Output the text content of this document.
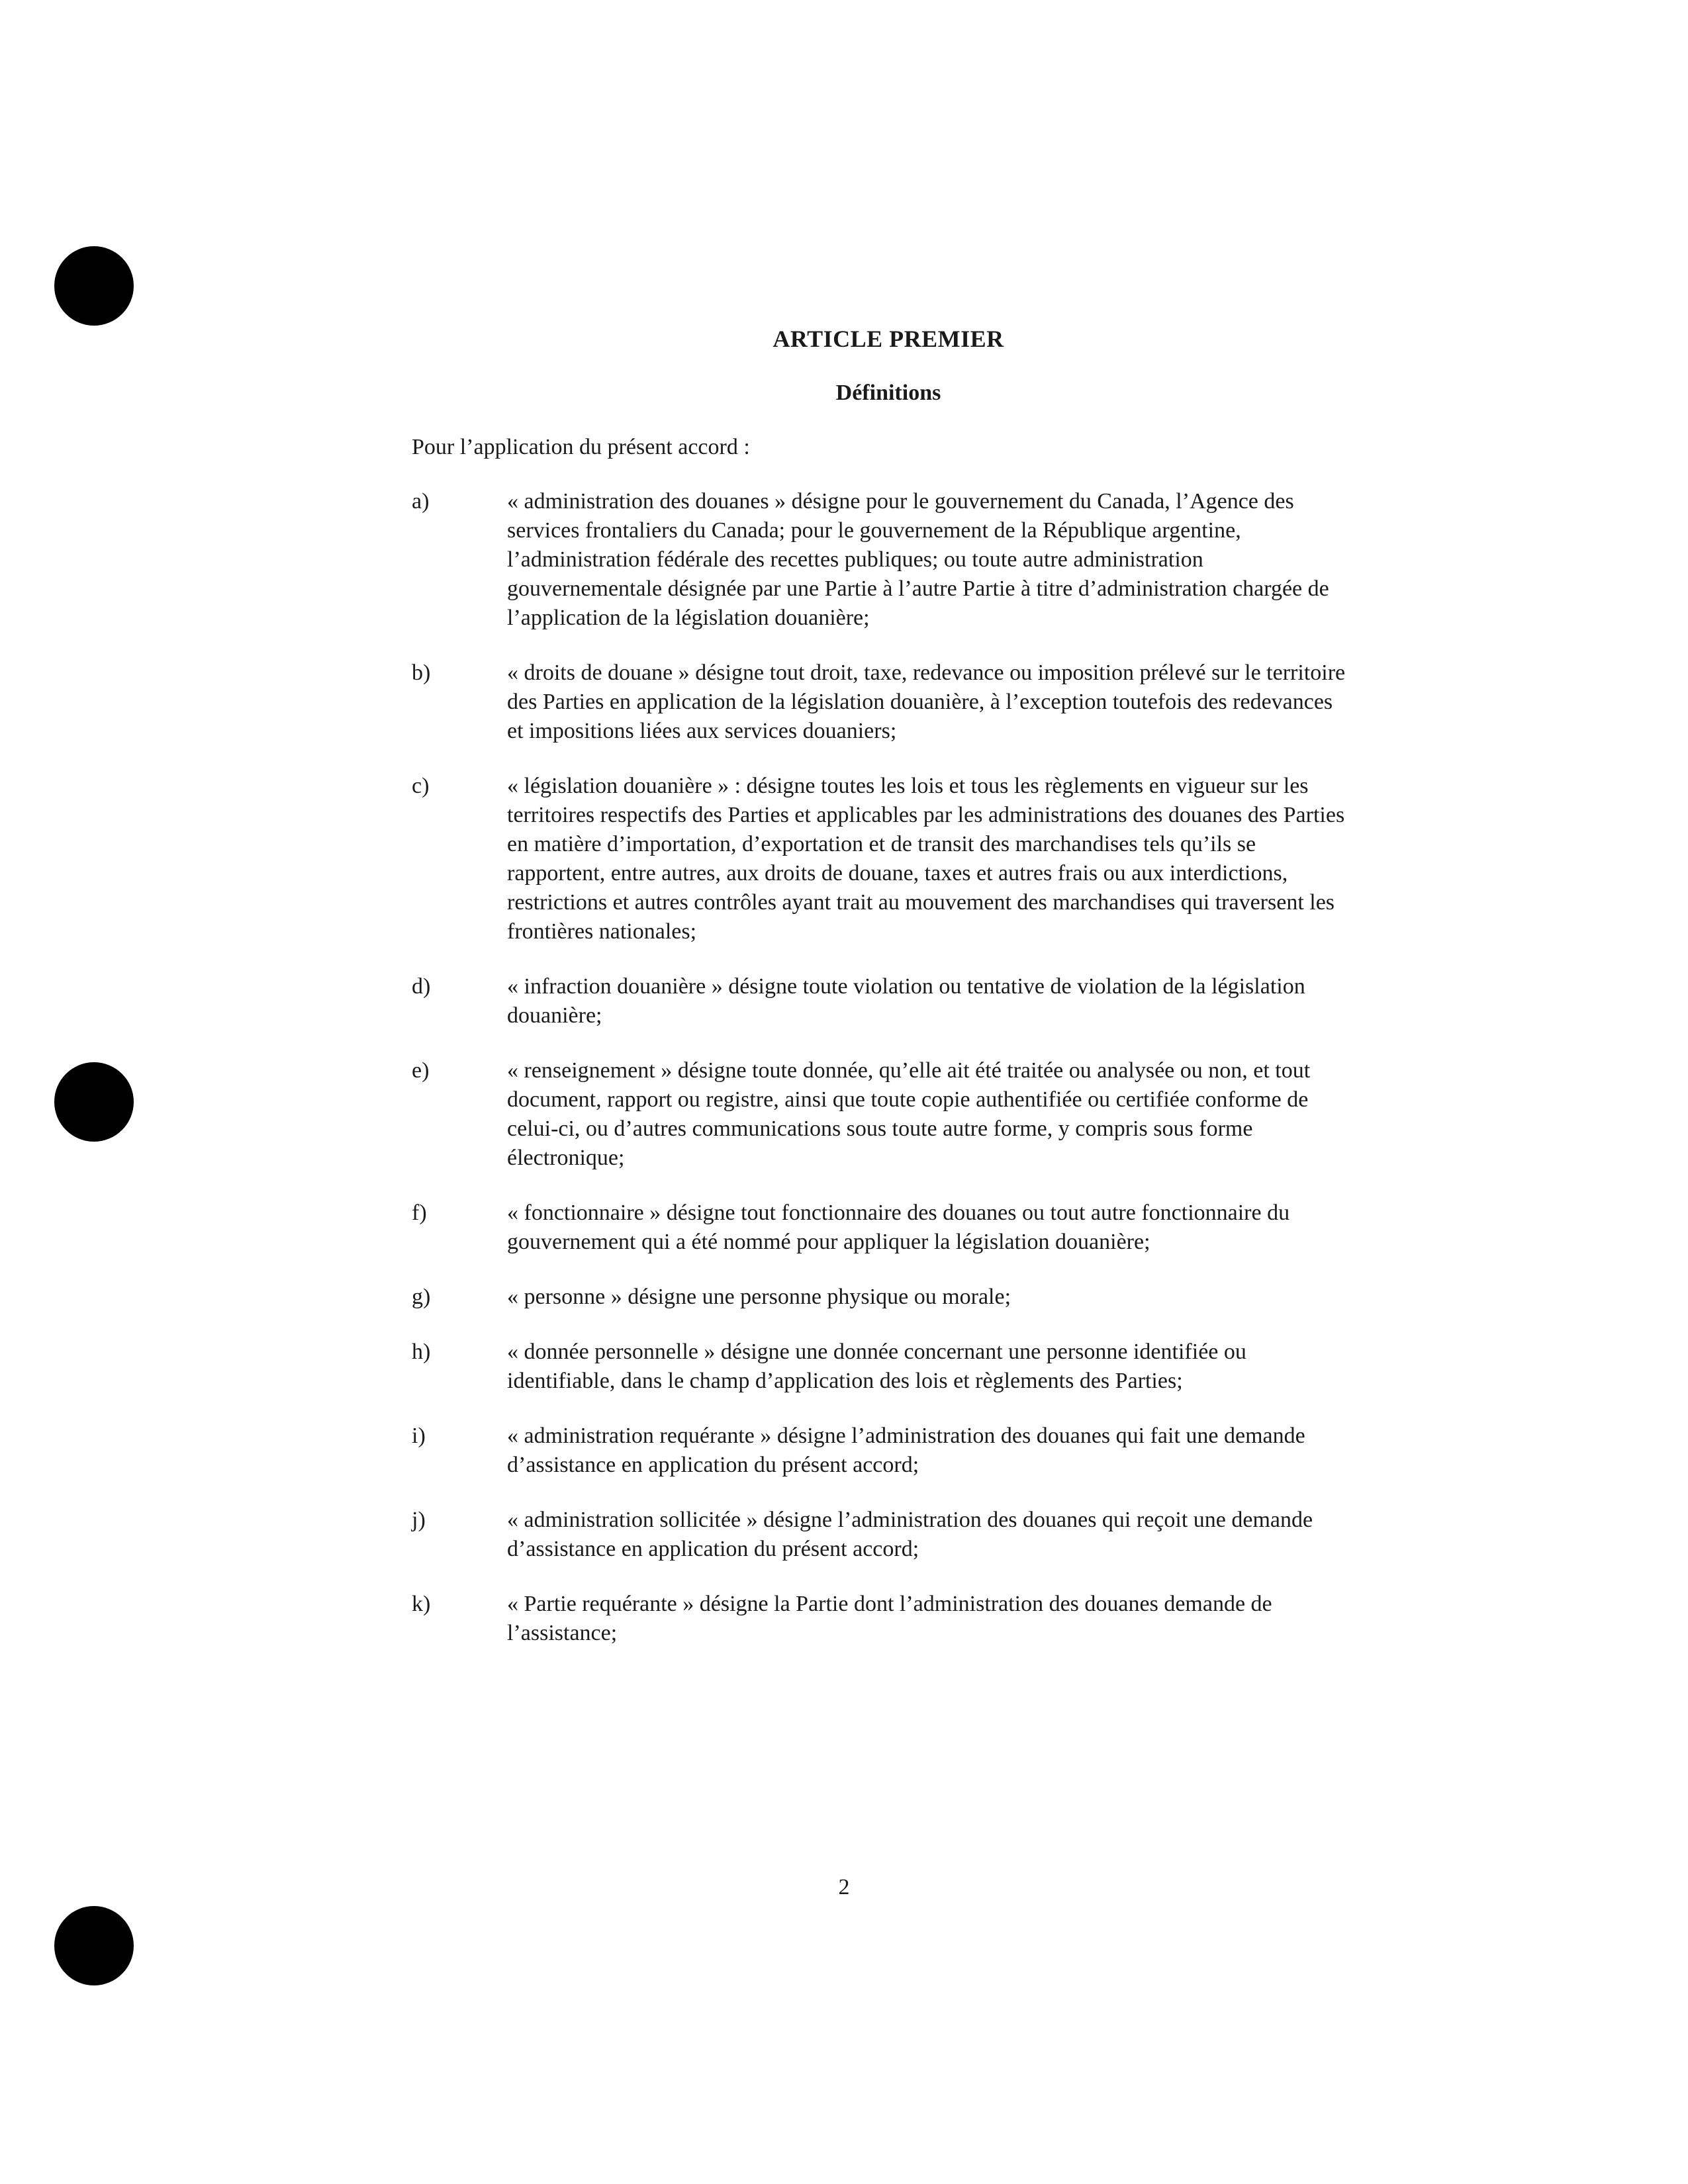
ARTICLE PREMIER
Définitions

Pour l’application du présent accord :

a)	« administration des douanes » désigne pour le gouvernement du Canada, l’Agence des services frontaliers du Canada; pour le gouvernement de la République argentine, l’administration fédérale des recettes publiques; ou toute autre administration gouvernementale désignée par une Partie à l’autre Partie à titre d’administration chargée de l’application de la législation douanière;
b)	« droits de douane » désigne tout droit, taxe, redevance ou imposition prélevé sur le territoire des Parties en application de la législation douanière, à l’exception toutefois des redevances et impositions liées aux services douaniers;
c)	« législation douanière » : désigne toutes les lois et tous les règlements en vigueur sur les territoires respectifs des Parties et applicables par les administrations des douanes des Parties en matière d’importation, d’exportation et de transit des marchandises tels qu’ils se rapportent, entre autres, aux droits de douane, taxes et autres frais ou aux interdictions, restrictions et autres contrôles ayant trait au mouvement des marchandises qui traversent les frontières nationales;
d)	« infraction douanière » désigne toute violation ou tentative de violation de la législation douanière;
e)	« renseignement » désigne toute donnée, qu’elle ait été traitée ou analysée ou non, et tout document, rapport ou registre, ainsi que toute copie authentifiée ou certifiée conforme de celui-ci, ou d’autres communications sous toute autre forme, y compris sous forme électronique;
f)	« fonctionnaire » désigne tout fonctionnaire des douanes ou tout autre fonctionnaire du gouvernement qui a été nommé pour appliquer la législation douanière;
g)	« personne » désigne une personne physique ou morale;
h)	« donnée personnelle » désigne une donnée concernant une personne identifiée ou identifiable, dans le champ d’application des lois et règlements des Parties;
i)	« administration requérante » désigne l’administration des douanes qui fait une demande d’assistance en application du présent accord;
j)	« administration sollicitée » désigne l’administration des douanes qui reçoit une demande d’assistance en application du présent accord;
k)	« Partie requérante » désigne la Partie dont l’administration des douanes demande de l’assistance;
2
